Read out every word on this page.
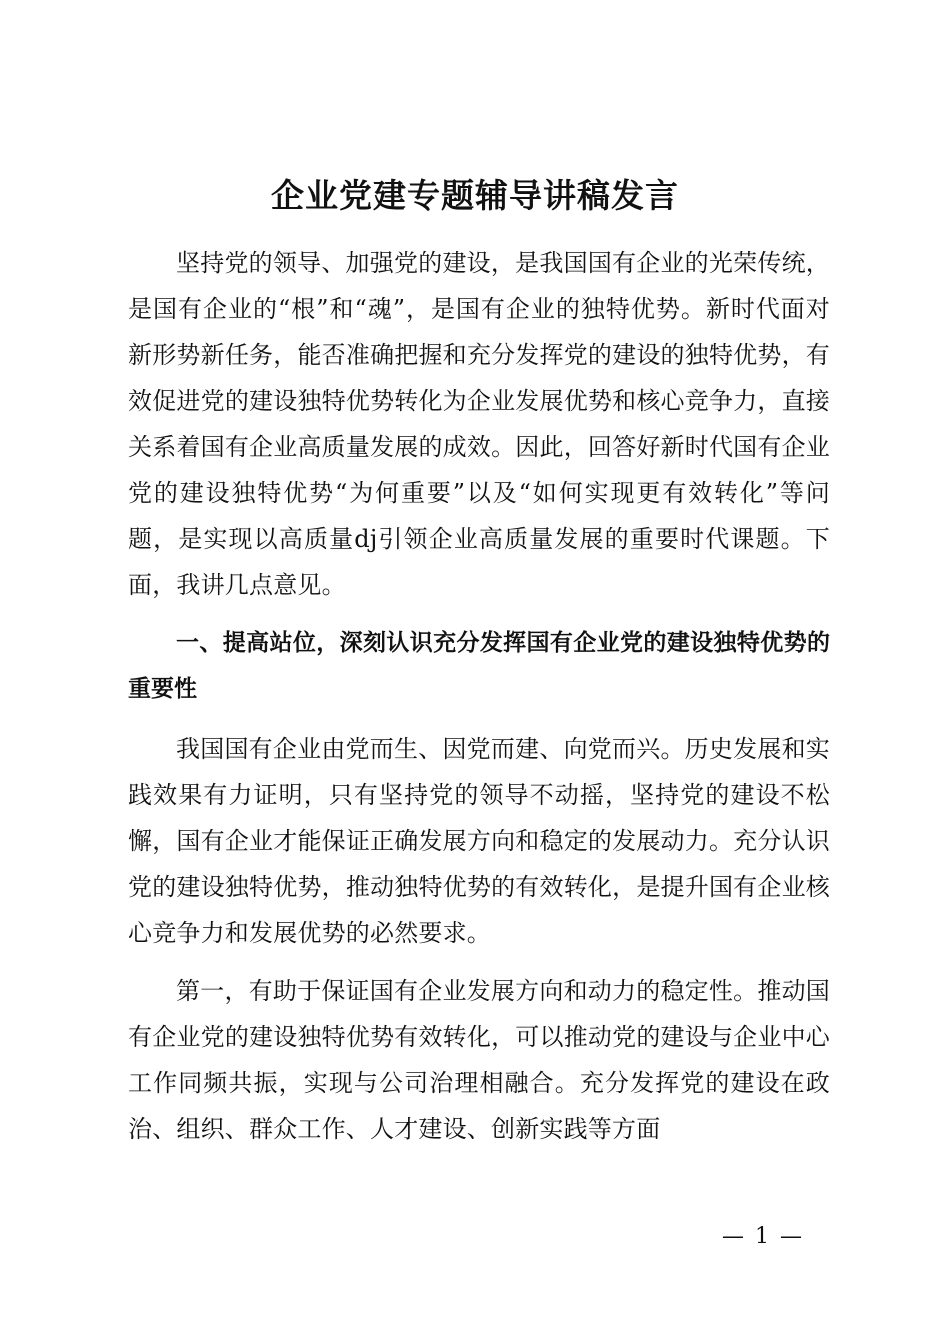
企业党建专题辅导讲稿发言

坚持党的领导、加强党的建设，是我国国有企业的光荣传统，是国有企业的“根”和“魂”，是国有企业的独特优势。新时代面对新形势新任务，能否准确把握和充分发挥党的建设的独特优势，有效促进党的建设独特优势转化为企业发展优势和核心竞争力，直接关系着国有企业高质量发展的成效。因此，回答好新时代国有企业党的建设独特优势“为何重要”以及“如何实现更有效转化”等问题，是实现以高质量dj引领企业高质量发展的重要时代课题。下面，我讲几点意见。

一、提高站位，深刻认识充分发挥国有企业党的建设独特优势的重要性

我国国有企业由党而生、因党而建、向党而兴。历史发展和实践效果有力证明，只有坚持党的领导不动摇，坚持党的建设不松懈，国有企业才能保证正确发展方向和稳定的发展动力。充分认识党的建设独特优势，推动独特优势的有效转化，是提升国有企业核心竞争力和发展优势的必然要求。

第一，有助于保证国有企业发展方向和动力的稳定性。推动国有企业党的建设独特优势有效转化，可以推动党的建设与企业中心工作同频共振，实现与公司治理相融合。充分发挥党的建设在政治、组织、群众工作、人才建设、创新实践等方面

— 1 —
